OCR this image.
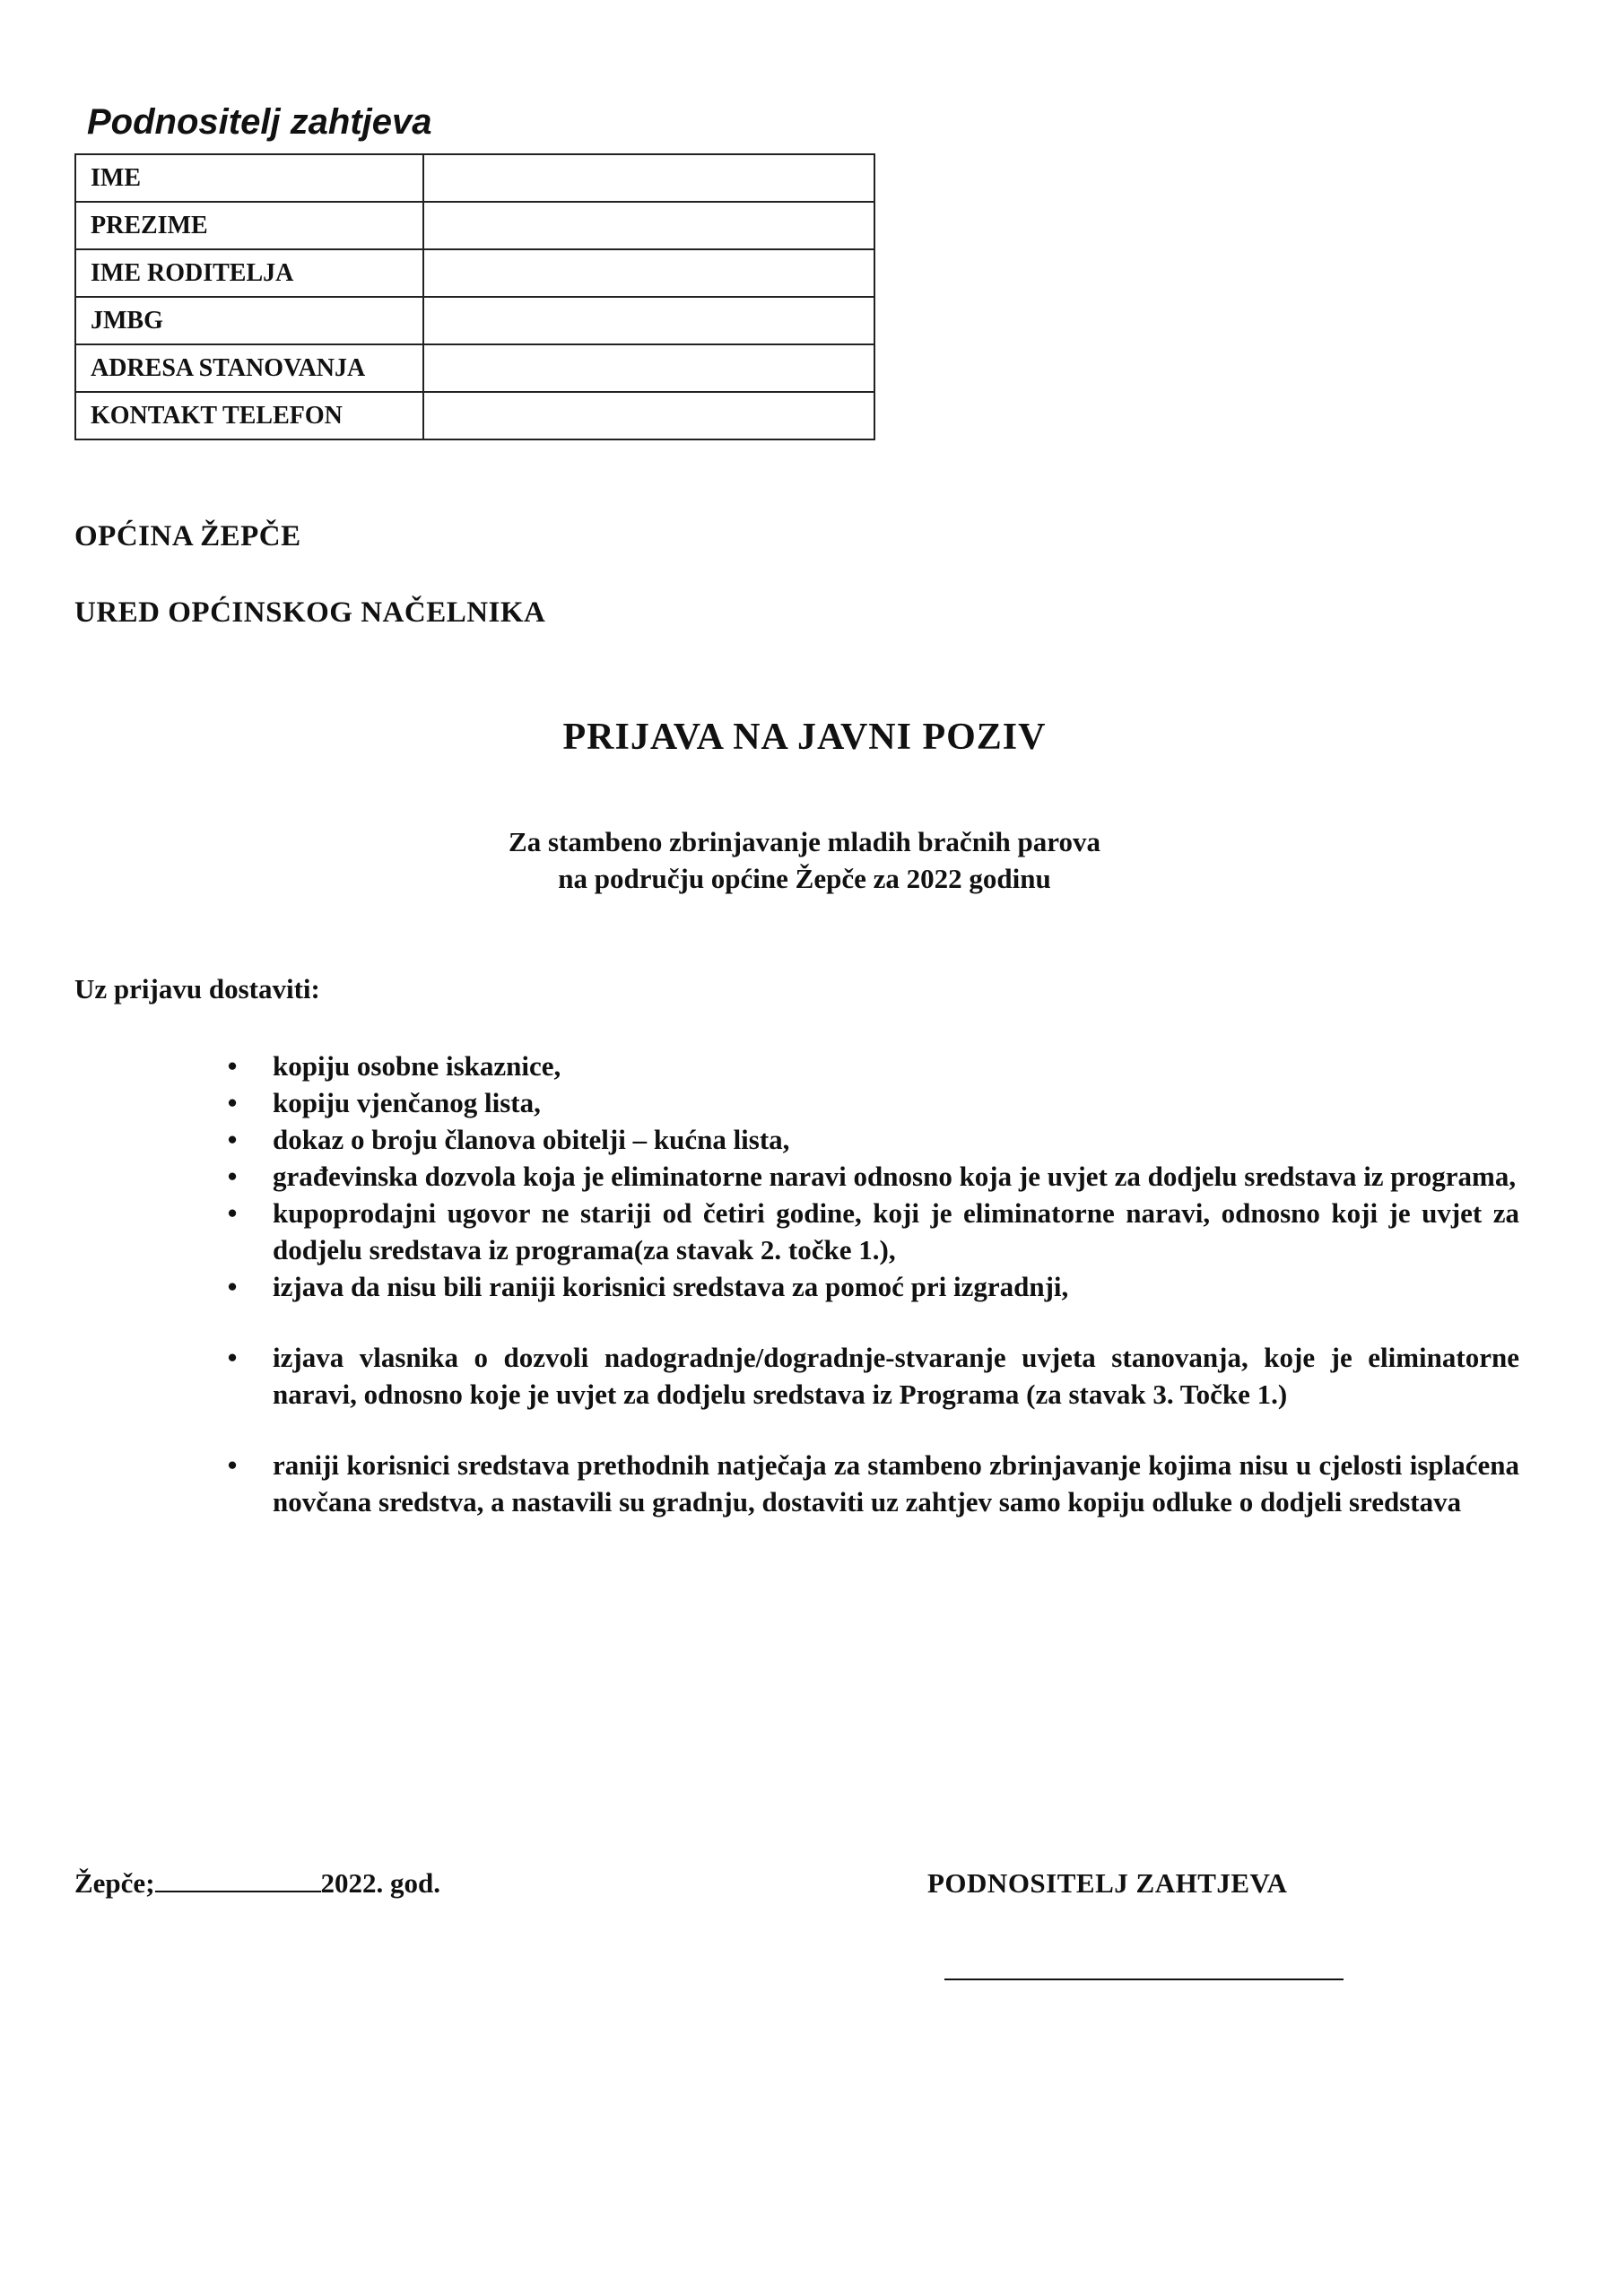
Podnositelj zahtjeva

IME	
PREZIME	
IME RODITELJA	
JMBG	
ADRESA STANOVANJA	
KONTAKT TELEFON	

OPĆINA ŽEPČE

URED OPĆINSKOG NAČELNIKA

PRIJAVA NA JAVNI POZIV

Za stambeno zbrinjavanje mladih bračnih parova
na području općine Žepče za 2022 godinu

Uz prijavu dostaviti:

•	kopiju osobne iskaznice,
•	kopiju vjenčanog lista,
•	dokaz o broju članova obitelji – kućna lista,
•	građevinska dozvola koja je eliminatorne naravi odnosno koja je uvjet za dodjelu sredstava iz programa,
•	kupoprodajni ugovor ne stariji od četiri godine, koji je eliminatorne naravi, odnosno koji je uvjet za dodjelu sredstava iz programa(za stavak 2. točke 1.),
•	izjava da nisu bili raniji korisnici sredstava za pomoć pri izgradnji,
•	izjava vlasnika o dozvoli nadogradnje/dogradnje-stvaranje uvjeta stanovanja, koje je eliminatorne naravi, odnosno koje je uvjet za dodjelu sredstava iz Programa (za stavak 3. Točke 1.)
•	raniji korisnici sredstava prethodnih natječaja za stambeno zbrinjavanje kojima nisu u cjelosti isplaćena novčana sredstva, a nastavili su gradnju, dostaviti uz zahtjev samo kopiju odluke o dodjeli sredstava

Žepče;	2022. god.	PODNOSITELJ ZAHTJEVA
